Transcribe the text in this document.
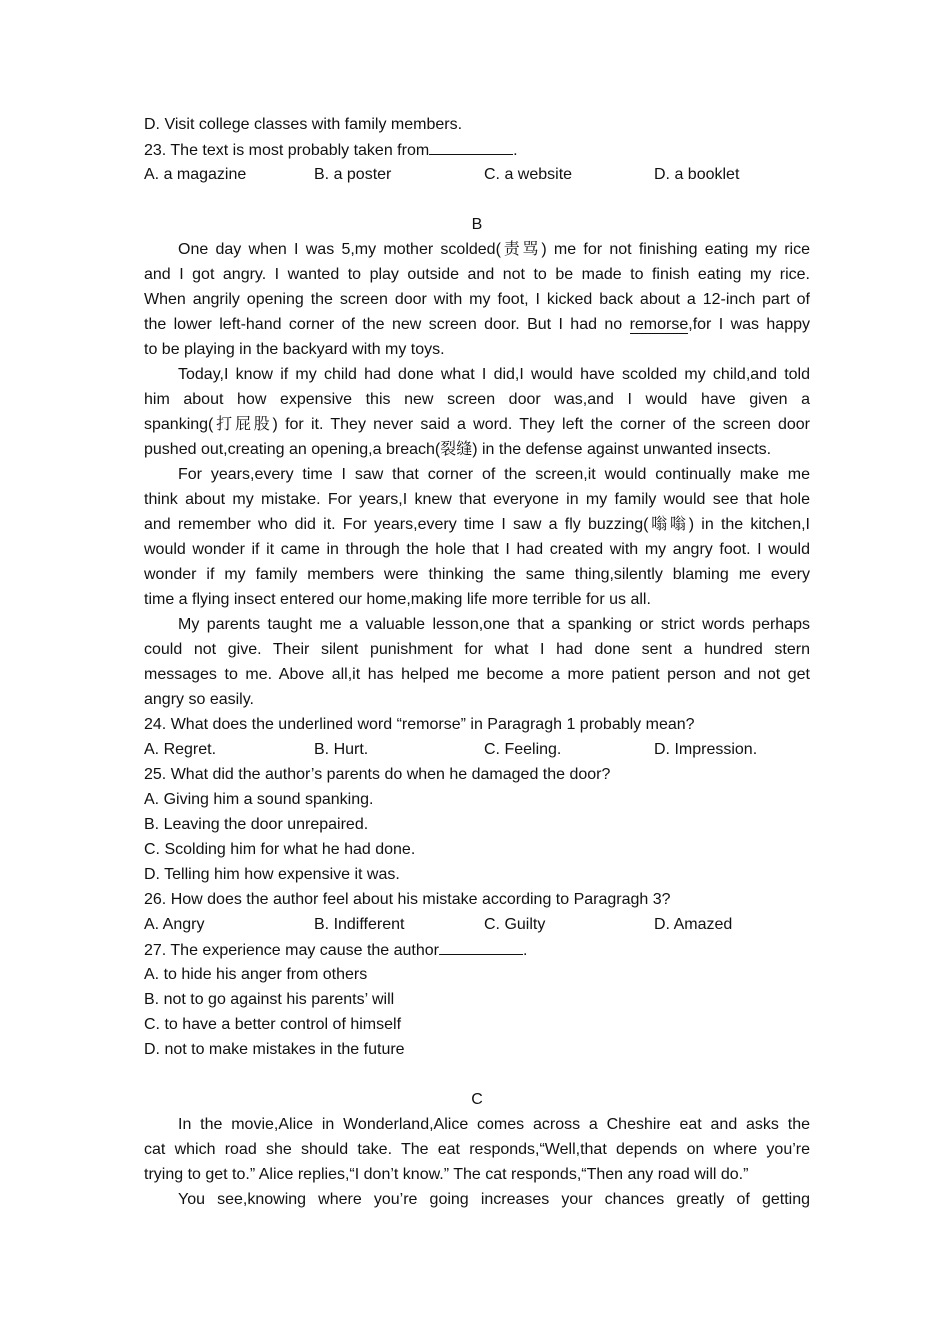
D. Visit college classes with family members.
23. The text is most probably taken from	.
A. a magazine	B. a poster	C. a website	D. a booklet
B
One day when I was 5,my mother scolded(责骂) me for not finishing eating my rice
and I got angry. I wanted to play outside and not to be made to finish eating my rice.
When angrily opening the screen door with my foot, I kicked back about a 12-inch part of
the lower left-hand corner of the new screen door. But I had no remorse,for I was happy
to be playing in the backyard with my toys.
Today,I know if my child had done what I did,I would have scolded my child,and told
him about how expensive this new screen door was,and I would have given a
spanking(打屁股) for it. They never said a word. They left the corner of the screen door
pushed out,creating an opening,a breach(裂缝) in the defense against unwanted insects.
For years,every time I saw that corner of the screen,it would continually make me
think about my mistake. For years,I knew that everyone in my family would see that hole
and remember who did it. For years,every time I saw a fly buzzing(嗡嗡) in the kitchen,I
would wonder if it came in through the hole that I had created with my angry foot. I would
wonder if my family members were thinking the same thing,silently blaming me every
time a flying insect entered our home,making life more terrible for us all.
My parents taught me a valuable lesson,one that a spanking or strict words perhaps
could not give. Their silent punishment for what I had done sent a hundred stern
messages to me. Above all,it has helped me become a more patient person and not get
angry so easily.
24. What does the underlined word “remorse” in Paragragh 1 probably mean?
A. Regret.	B. Hurt.	C. Feeling.	D. Impression.
25. What did the author’s parents do when he damaged the door?
A. Giving him a sound spanking.
B. Leaving the door unrepaired.
C. Scolding him for what he had done.
D. Telling him how expensive it was.
26. How does the author feel about his mistake according to Paragragh 3?
A. Angry	B. Indifferent	C. Guilty	D. Amazed
27. The experience may cause the author	.
A. to hide his anger from others
B. not to go against his parents’ will
C. to have a better control of himself
D. not to make mistakes in the future
C
In the movie,Alice in Wonderland,Alice comes across a Cheshire eat and asks the
cat which road she should take. The eat responds,“Well,that depends on where you’re
trying to get to.” Alice replies,“I don’t know.” The cat responds,“Then any road will do.”
You see,knowing where you’re going increases your chances greatly of getting
